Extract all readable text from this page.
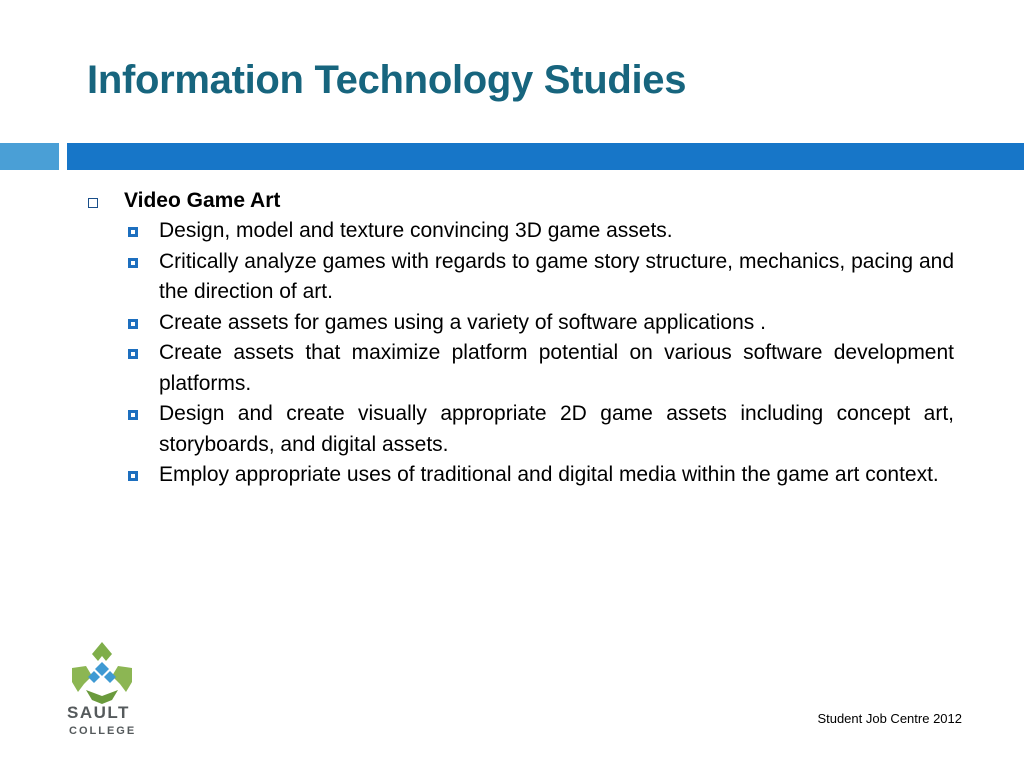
Information Technology Studies
Video Game Art
Design, model and texture convincing 3D game assets.
Critically analyze games with regards to game story structure, mechanics, pacing and the direction of art.
Create assets for games using a variety of software applications .
Create assets that maximize platform potential on various software development platforms.
Design and create visually appropriate 2D game assets including concept art, storyboards, and digital assets.
Employ appropriate uses of traditional and digital media within the game art context.
SAULT
COLLEGE
Student Job Centre 2012
